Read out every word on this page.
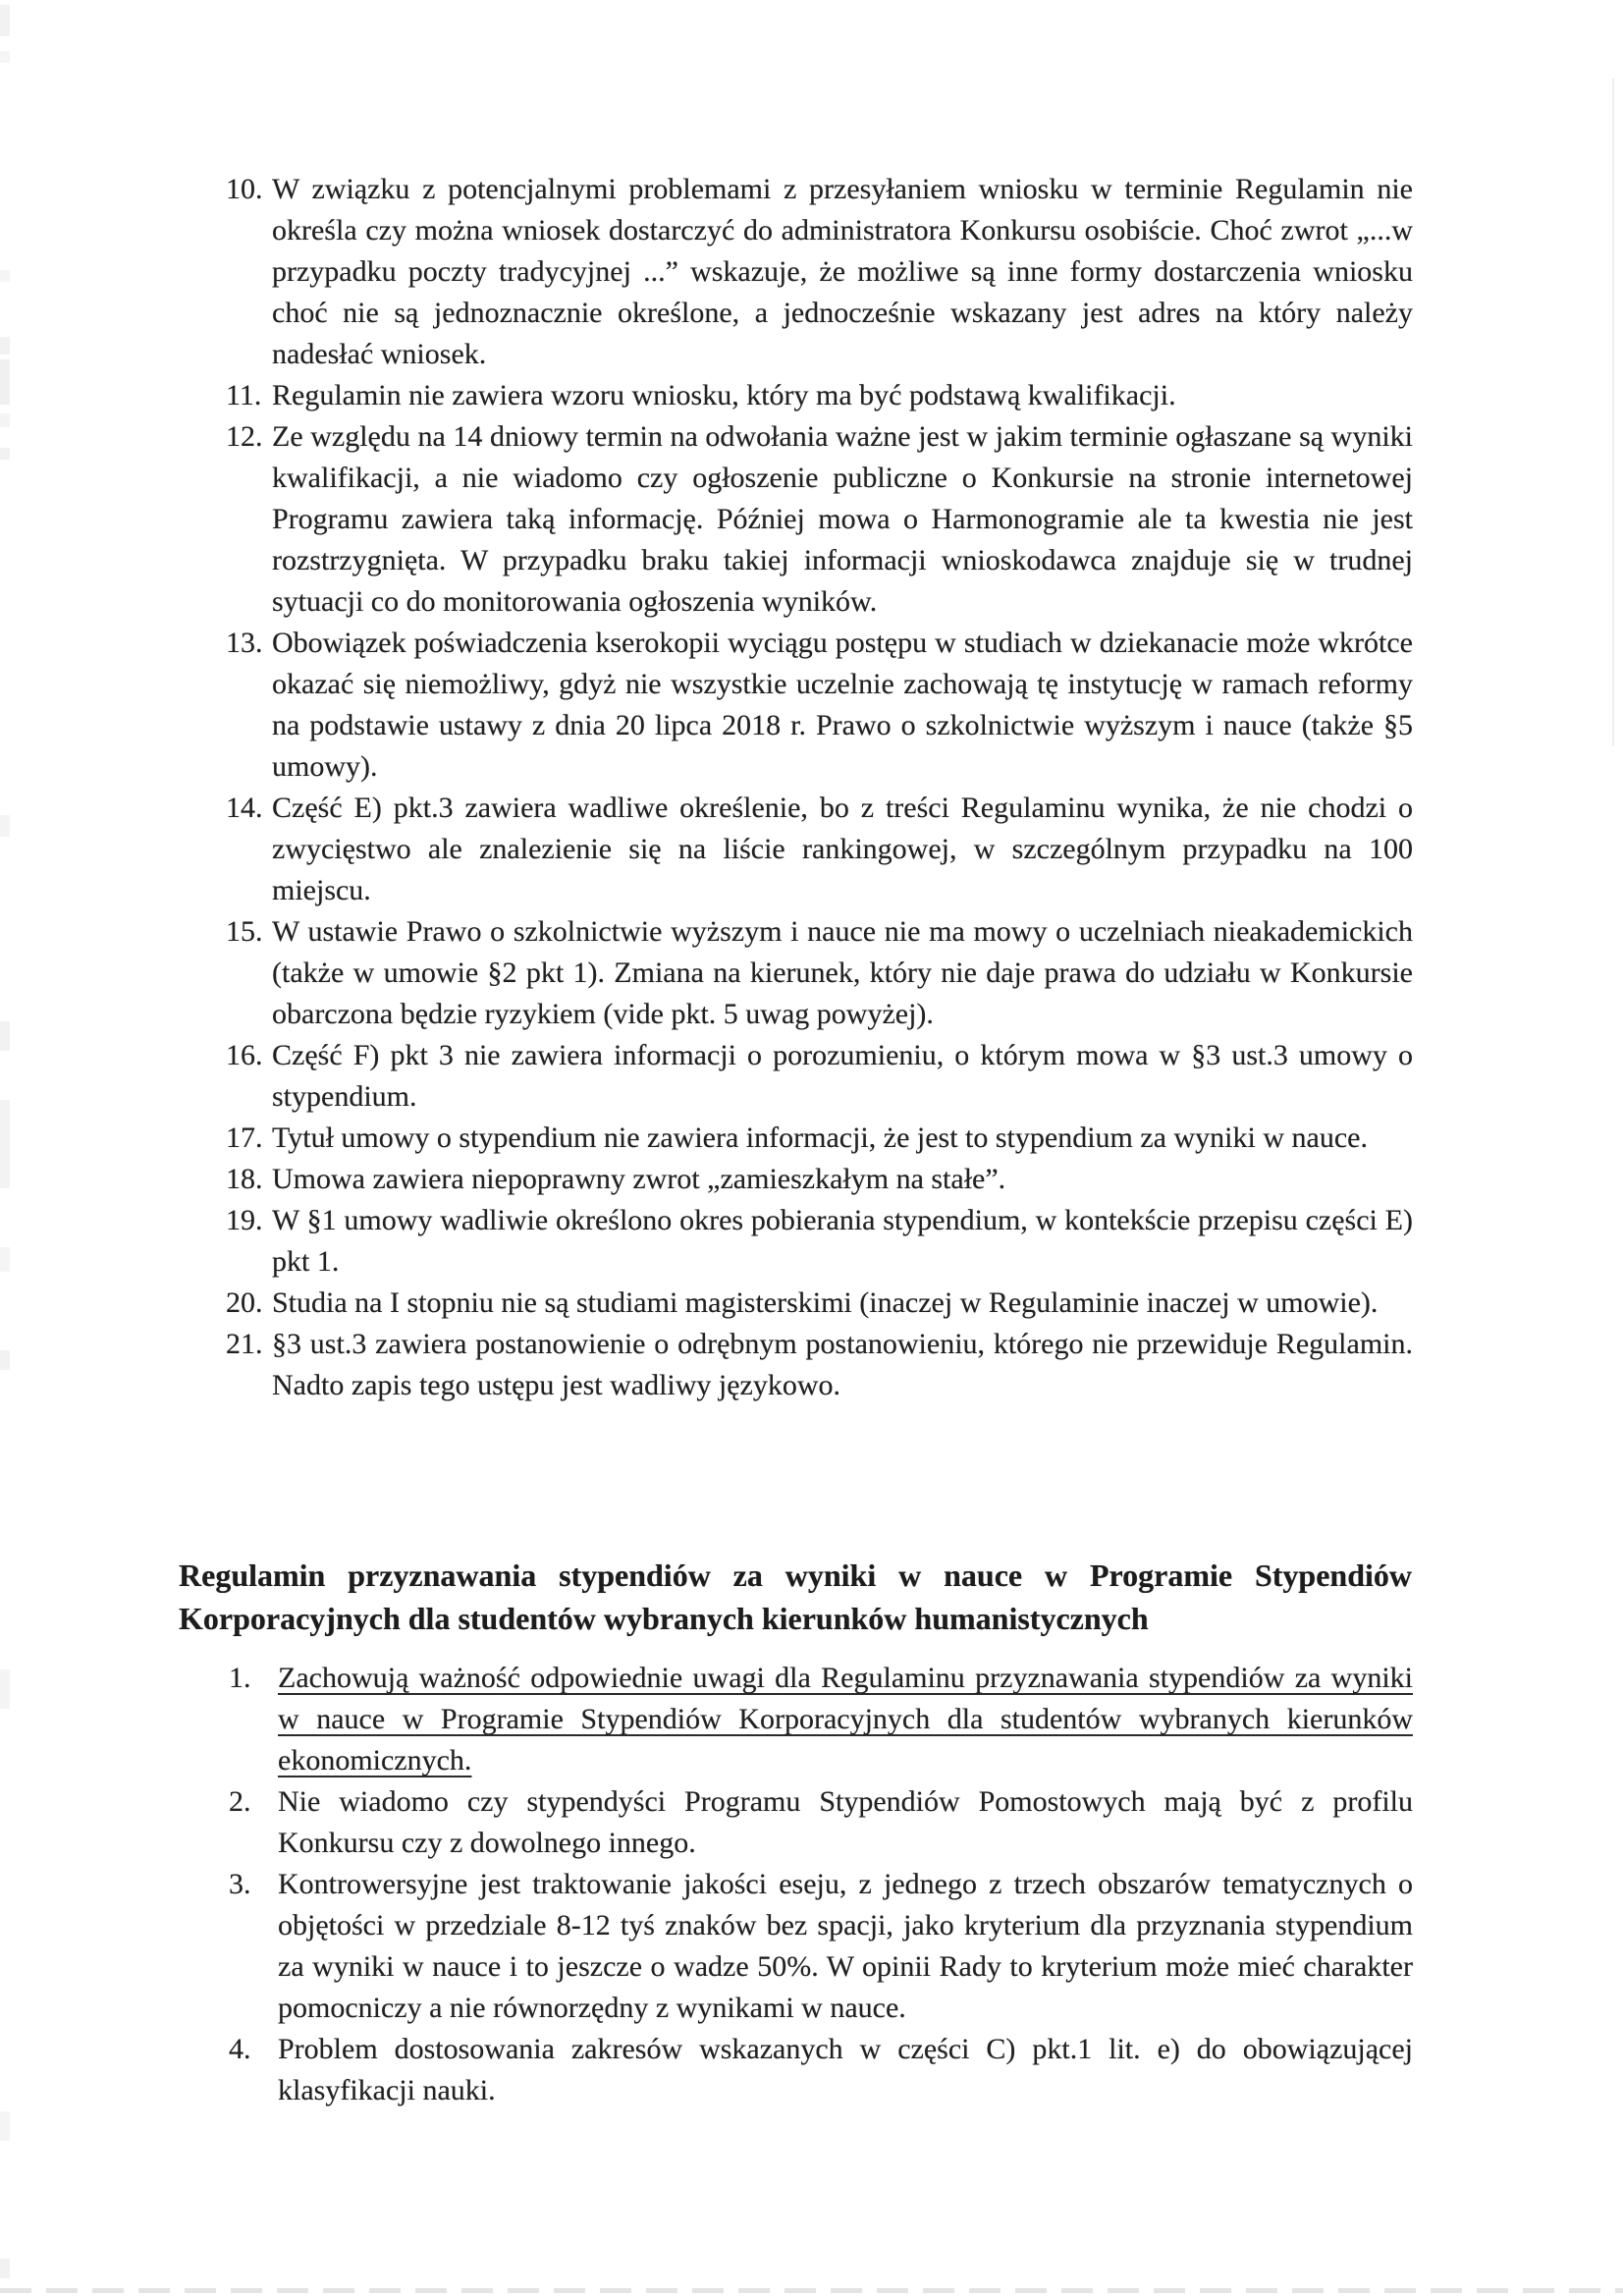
10. W związku z potencjalnymi problemami z przesyłaniem wniosku w terminie Regulamin nie określa czy można wniosek dostarczyć do administratora Konkursu osobiście. Choć zwrot „...w przypadku poczty tradycyjnej ...” wskazuje, że możliwe są inne formy dostarczenia wniosku choć nie są jednoznacznie określone, a jednocześnie wskazany jest adres na który należy nadesłać wniosek.
11. Regulamin nie zawiera wzoru wniosku, który ma być podstawą kwalifikacji.
12. Ze względu na 14 dniowy termin na odwołania ważne jest w jakim terminie ogłaszane są wyniki kwalifikacji, a nie wiadomo czy ogłoszenie publiczne o Konkursie na stronie internetowej Programu zawiera taką informację. Później mowa o Harmonogramie ale ta kwestia nie jest rozstrzygnięta. W przypadku braku takiej informacji wnioskodawca znajduje się w trudnej sytuacji co do monitorowania ogłoszenia wyników.
13. Obowiązek poświadczenia kserokopii wyciągu postępu w studiach w dziekanacie może wkrótce okazać się niemożliwy, gdyż nie wszystkie uczelnie zachowają tę instytucję w ramach reformy na podstawie ustawy z dnia 20 lipca 2018 r. Prawo o szkolnictwie wyższym i nauce (także §5 umowy).
14. Część E) pkt.3 zawiera wadliwe określenie, bo z treści Regulaminu wynika, że nie chodzi o zwycięstwo ale znalezienie się na liście rankingowej, w szczególnym przypadku na 100 miejscu.
15. W ustawie Prawo o szkolnictwie wyższym i nauce nie ma mowy o uczelniach nieakademickich (także w umowie §2 pkt 1). Zmiana na kierunek, który nie daje prawa do udziału w Konkursie obarczona będzie ryzykiem (vide pkt. 5 uwag powyżej).
16. Część F) pkt 3 nie zawiera informacji o porozumieniu, o którym mowa w §3 ust.3 umowy o stypendium.
17. Tytuł umowy o stypendium nie zawiera informacji, że jest to stypendium za wyniki w nauce.
18. Umowa zawiera niepoprawny zwrot „zamieszkałym na stałe”.
19. W §1 umowy wadliwie określono okres pobierania stypendium, w kontekście przepisu części E) pkt 1.
20. Studia na I stopniu nie są studiami magisterskimi (inaczej w Regulaminie inaczej w umowie).
21. §3 ust.3 zawiera postanowienie o odrębnym postanowieniu, którego nie przewiduje Regulamin. Nadto zapis tego ustępu jest wadliwy językowo.
Regulamin przyznawania stypendiów za wyniki w nauce w Programie Stypendiów Korporacyjnych dla studentów wybranych kierunków humanistycznych
1. Zachowują ważność odpowiednie uwagi dla Regulaminu przyznawania stypendiów za wyniki w nauce w Programie Stypendiów Korporacyjnych dla studentów wybranych kierunków ekonomicznych.
2. Nie wiadomo czy stypendyści Programu Stypendiów Pomostowych mają być z profilu Konkursu czy z dowolnego innego.
3. Kontrowersyjne jest traktowanie jakości eseju, z jednego z trzech obszarów tematycznych o objętości w przedziale 8-12 tyś znaków bez spacji, jako kryterium dla przyznania stypendium za wyniki w nauce i to jeszcze o wadze 50%. W opinii Rady to kryterium może mieć charakter pomocniczy a nie równorzędny z wynikami w nauce.
4. Problem dostosowania zakresów wskazanych w części C) pkt.1 lit. e) do obowiązującej klasyfikacji nauki.
